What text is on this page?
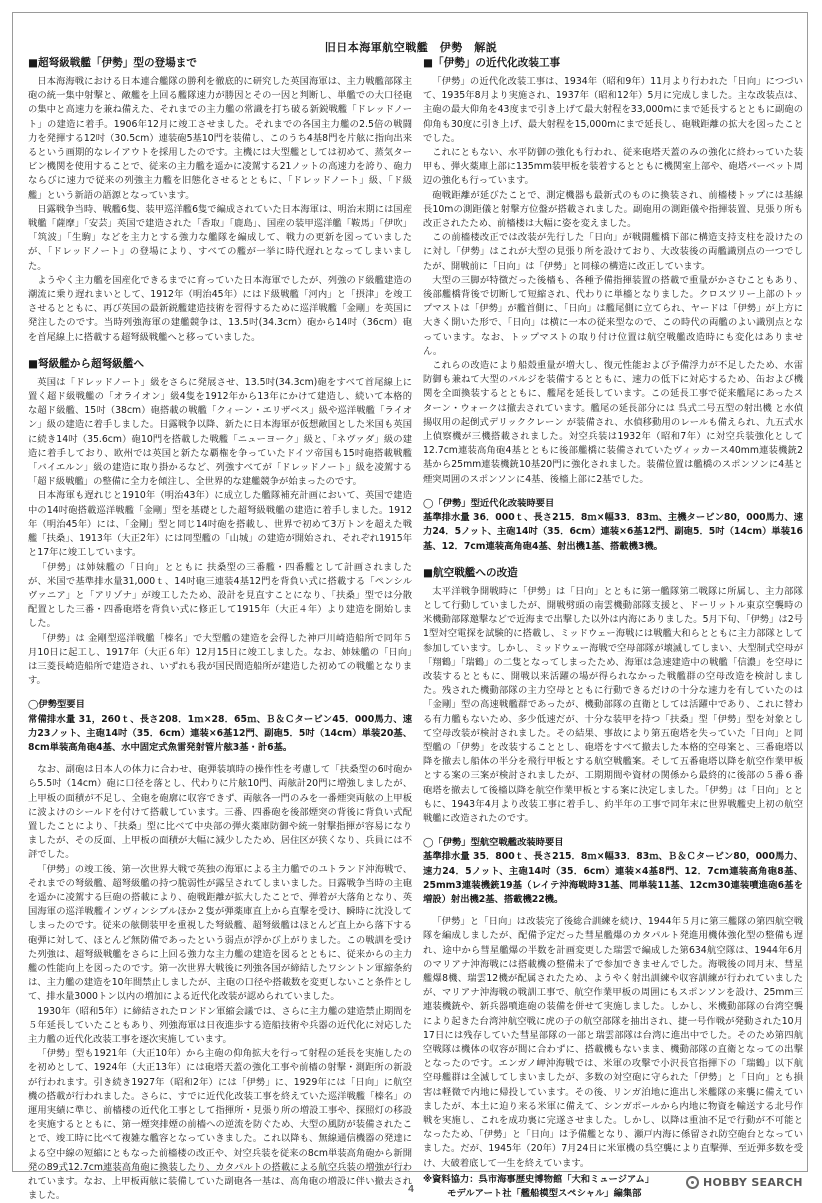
旧日本海軍航空戦艦　伊勢　解説
■超弩級戦艦「伊勢」型の登場まで

日本海海戦における日本連合艦隊の勝利を徹底的に研究した英国海軍は、主力戦艦部隊主砲の統一集中射撃と、敵艦を上回る艦隊速力が勝因とその一因と判断し、単艦での大口径砲の集中と高速力を兼ね備えた、それまでの主力艦の常識を打ち破る新鋭戦艦「ドレッドノート」の建造に着手。1906年12月に竣工させました。それまでの各国主力艦の2.5倍の戦闘力を発揮する12吋（30.5cm）連装砲5基10門を装備し、このうち4基8門を片舷に指向出来るという画期的なレイアウトを採用したのです。主機には大型艦としては初めて、蒸気タービン機関を使用することで、従来の主力艦を遥かに凌駕する21ノットの高速力を誇り、砲力ならびに速力で従来の列強主力艦を旧態化させるとともに、「ドレッドノート」級、「ド級艦」という新語の語源となっています。

日露戦争当時、戦艦6隻、装甲巡洋艦6隻で編成されていた日本海軍は、明治末期には国産戦艦「薩摩」「安芸」英国で建造された「香取」「鹿島」、国産の装甲巡洋艦「鞍馬」「伊吹」「筑波」「生駒」などを主力とする強力な艦隊を編成して、戦力の更新を図っていましたが、「ドレッドノート」の登場により、すべての艦が一挙に時代遅れとなってしまいました。

ようやく主力艦を国産化できるまでに育っていた日本海軍でしたが、列強のド級艦建造の潮流に乗り遅れまいとして、1912年（明治45年）にはド級戦艦「河内」と「摂津」を竣工させるとともに、再び英国の最新鋭艦建造技術を習得するために巡洋戦艦「金剛」を英国に発注したのです。当時列強海軍の建艦競争は、13.5吋(34.3cm）砲から14吋（36cm）砲を首尾線上に搭載する超弩級戦艦へと移っていました。

■弩級艦から超弩級艦へ

英国は「ドレッドノート」級をさらに発展させ、13.5吋(34.3cm)砲をすべて首尾線上に置く超ド級戦艦の「オライオン」級4隻を1912年から13年にかけて建造し、続いて本格的な超ド級艦、15吋（38cm）砲搭載の戦艦「クィーン・エリザベス」級や巡洋戦艦「ライオン」級の建造に着手しました。日露戦争以降、新たに日本海軍が仮想敵国とした米国も英国に続き14吋（35.6cm）砲10門を搭載した戦艦「ニューヨーク」級と、「ネヴァダ」級の建造に着手しており、欧州では英国と新たな覇権を争っていたドイツ帝国も15吋砲搭載戦艦「バイエルン」級の建造に取り掛かるなど、列強すべてが「ドレッドノート」級を凌駕する「超ド級戦艦」の整備に全力を傾注し、全世界的な建艦競争が始まったのです。

日本海軍も遅れじと1910年（明治43年）に成立した艦隊補充計画において、英国で建造中の14吋砲搭載巡洋戦艦「金剛」型を基礎とした超弩級戦艦の建造に着手しました。1912年（明治45年）には、「金剛」型と同じ14吋砲を搭載し、世界で初めて3万トンを超えた戦艦「扶桑」、1913年（大正2年）には同型艦の「山城」の建造が開始され、それぞれ1915年と17年に竣工しています。

「伊勢」は姉妹艦の「日向」とともに 扶桑型の三番艦・四番艦として計画されましたが、米国で基準排水量31,000ｔ、14吋砲三連装4基12門を背負い式に搭載する「ペンシルヴァニア」と「アリゾナ」が竣工したため、設計を見直すことになり、「扶桑」型では分散配置とした三番・四番砲塔を背負い式に修正して1915年（大正４年）より建造を開始しました。

「伊勢」は 金剛型巡洋戦艦「榛名」で大型艦の建造を会得した神戸川崎造船所で同年５月10日に起工し、1917年（大正６年）12月15日に竣工しました。なお、姉妹艦の「日向」は三菱長崎造船所で建造され、いずれも我が国民間造船所が建造した初めての戦艦となります。

◯伊勢型要目
常備排水量 31，260ｔ、長さ208．1ｍ×28．65ｍ、Ｂ＆Ｃタービン45．000馬力、速力23ノット、主砲14吋（35．6cm）連装×6基12門、副砲5．5吋（14cm）単装20基、8cm単装高角砲4基、水中固定式魚雷発射管片舷3基・計6基。

なお、副砲は日本人の体力に合わせ、砲弾装填時の操作性を考慮して「扶桑型の6吋砲から5.5吋（14cm）砲に口径を落とし、代わりに片舷10門、両舷計20門に増強しましたが、上甲板の面積が不足し、全砲を砲廓に収容できず、両舷各一門のみを一番煙突両舷の上甲板に波よけのシールドを付けて搭載しています。三番、四番砲を後部煙突の背後に背負い式配置したことにより、「扶桑」型に比べて中央部の弾火薬庫防御や統一射撃指揮が容易になりましたが、その反面、上甲板の面積が大幅に減少したため、居住区が狭くなり、兵員には不評でした。

「伊勢」の竣工後、第一次世界大戦で英独の海軍による主力艦でのユトランド沖海戦で、それまでの弩級艦、超弩級艦の持つ脆弱性が露呈されてしまいました。日露戦争当時の主砲を遥かに凌駕する巨砲の搭載により、砲戦距離が拡大したことで、弾着が大落角となり、英国海軍の巡洋戦艦インヴィンシブルほか２隻が弾薬庫直上から直撃を受け、瞬時に沈没してしまったのです。従来の舷側装甲を重視した弩級艦、超弩級艦はほとんど直上から落下する砲弾に対して、ほとんど無防備であったという弱点が浮かび上がりました。この戦訓を受けた列強は、超弩級戦艦をさらに上回る強力な主力艦の建造を図るとともに、従来からの主力艦の性能向上を図ったのです。第一次世界大戦後に列強各国が締結したワシントン軍縮条約は、主力艦の建造を10年間禁止しましたが、主砲の口径や搭載数を変更しないこと条件として、排水量3000トン以内の増加による近代化改装が認められていました。

1930年（昭和5年）に締結されたロンドン軍縮会議では、さらに主力艦の建造禁止期間を５年延長していたこともあり、列強海軍は日夜進歩する造船技術や兵器の近代化に対応した主力艦の近代化改装工事を逐次実施しています。

「伊勢」型も1921年（大正10年）から主砲の仰角拡大を行って射程の延長を実施したのを初めとして、1924年（大正13年）には砲塔天蓋の強化工事や前檣の射撃・測距所の新設が行われます。引き続き1927年（昭和2年）には「伊勢」に、1929年には「日向」に航空機の搭載が行われました。さらに、すでに近代化改装工事を終えていた巡洋戦艦「榛名」の運用実績に準じ、前檣楼の近代化工事として指揮所・見張り所の増設工事や、探照灯の移設を実施するとともに、第一煙突排煙の前檣への逆流を防ぐため、大型の風防が装備されたことで、竣工時に比べて複雑な艦容となっていきました。これ以降も、無線通信機器の発達による空中線の短縮にともなった前檣楼の改正や、対空兵装を従来の8cm単装高角砲から新開発の89式12.7cm連装高角砲に換装したり、カタパルトの搭載による航空兵装の増強が行われています。なお、上甲板両舷に装備していた副砲各一基は、高角砲の増設に伴い撤去されました。

■「伊勢」の近代化改装工事

「伊勢」の近代化改装工事は、1934年（昭和9年）11月より行われた「日向」につづいて、1935年8月より実施され、1937年（昭和12年）5月に完成しました。主な改装点は、主砲の最大仰角を43度まで引き上げて最大射程を33,000mにまで延長するとともに副砲の仰角も30度に引き上げ、最大射程を15,000mにまで延長し、砲戦距離の拡大を図ったことでした。

これにともない、水平防御の強化も行われ、従来砲塔天蓋のみの強化に終わっていた装甲も、弾火薬庫上部に135mm装甲板を装着するとともに機関室上部や、砲塔バーベット周辺の強化も行っています。

砲戦距離が延びたことで、測定機器も最新式のものに換装され、前檣楼トップには基線長10mの測距儀と射撃方位盤が搭載されました。副砲用の測距儀や指揮装置、見張り所も改正されたため、前檣楼は大幅に姿を変えました。

この前檣楼改正では改装が先行した「日向」が戦闘艦橋下部に構造支持支柱を設けたのに対し「伊勢」はこれが大型の見張り所を設けており、大改装後の両艦識別点の一つでしたが、開戦前に「日向」は「伊勢」と同様の構造に改正しています。

大型の三脚が特徴だった後檣も、各種予備指揮装置の搭載で重量がかさむこともあり、後部艦橋背後で切断して短縮され、代わりに単檣となりました。クロスツリー上部のトップマストは「伊勢」が艦首側に、「日向」は艦尾側に立てられ、ヤードは「伊勢」が上方に大きく開いた形で、「日向」は横に一本の従来型なので、この時代の両艦のよい識別点となっています。なお、トップマストの取り付け位置は航空戦艦改造時にも変化はありません。

これらの改造により船殻重量が増大し、復元性能および予備浮力が不足したため、水雷防御も兼ねて大型のバルジを装備するとともに、速力の低下に対応するため、缶および機関を全面換装するとともに、艦尾を延長しています。この延長工事で従来艦尾にあったスターン・ウォークは撤去されています。艦尾の延長部分には 呉式二号五型の射出機 と水偵揚収用の起倒式デリッククレーン が装備され、水偵移動用のレールも備えられ、九五式水上偵察機が三機搭載されました。対空兵装は1932年（昭和7年）に対空兵装強化として12.7cm連装高角砲4基とともに後部艦橋に装備されていたヴィッカース40mm連装機銃2基から25mm連装機銃10基20門に強化されました。装備位置は艦橋のスポンソンに4基と煙突周囲のスポンソンに4基、後檣上部に2基でした。

◯「伊勢」型近代化改装時要目
基準排水量 36．000ｔ、長さ215．8ｍ×幅33．83ｍ、主機タービン80，000馬力、速力24．5ノット、主砲14吋（35．6cm）連装×6基12門、副砲5．5吋（14cm）単装16基、12．7cm連装高角砲4基、射出機1基、搭載機3機。
■航空戦艦への改造

太平洋戦争開戦時に「伊勢」は「日向」とともに第一艦隊第二戦隊に所属し、主力部隊として行動していましたが、開戦劈頭の南雲機動部隊支援と、ドーリットル東京空襲時の米機動部隊邀撃などで近海まで出撃した以外は内海にありました。5月下旬、「伊勢」は2号1型対空電探を試験的に搭載し、ミッドウェー海戦には戦艦大和らとともに主力部隊として参加しています。しかし、ミッドウェー海戦で空母部隊が壊滅してしまい、大型制式空母が「翔鶴」「瑞鶴」の二隻となってしまったため、海軍は急速建造中の戦艦「信濃」を空母に改装するとともに、開戦以来活躍の場が得られなかった戦艦群の空母改造を検討しました。残された機動部隊の主力空母とともに行動できるだけの十分な速力を有していたのは「金剛」型の高速戦艦群であったが、機動部隊の直衛としては活躍中であり、これに替わる有力艦もないため、多少低速だが、十分な装甲を持つ「扶桑」型「伊勢」型を対象として空母改装が検討されました。その結果、事故により第五砲塔を失っていた「日向」と同型艦の「伊勢」を改装することとし、砲塔をすべて撤去した本格的空母案と、三番砲塔以降を撤去し船体の半分を飛行甲板とする航空戦艦案。そして五番砲塔以降を航空作業甲板とする案の三案が検討されましたが、工期期間や資材の関係から最終的に後部の５番６番砲塔を撤去して後檣以降を航空作業甲板とする案に決定しました。「伊勢」は「日向」とともに、1943年4月より改装工事に着手し、約半年の工事で同年末に世界戦艦史上初の航空戦艦に改造されたのです。

◯「伊勢」型航空戦艦改装時要目
基準排水量 35．800ｔ、長さ215．8ｍ×幅33．83ｍ、Ｂ＆Ｃタービン80，000馬力、速力24．5ノット、主砲14吋（35．6cm）連装×4基8門、12．7cm連装高角砲8基、25mm3連装機銃19基（レイテ沖海戦時31基、同単装11基、12cm30連装噴進砲6基を増設）射出機2基、搭載機22機。

「伊勢」と「日向」は改装完了後総合訓練を続け、1944年５月に第三艦隊の第四航空戦隊を編成しましたが、配備予定だった彗星艦爆のカタパルト発進用機体強化型の整備も遅れ、途中から彗星艦爆の半数を計画変更した瑞雲で編成した第634航空隊は、1944年6月のマリアナ沖海戦には搭載機の整備未了で参加できませんでした。海戦後の同月末、彗星艦爆8機、瑞雲12機が配属されたため、ようやく射出訓練や収容訓練が行われていましたが、マリアナ沖海戦の戦訓工事で、航空作業甲板の周囲にもスポンソンを設け、25mm三連装機銃や、新兵器噴進砲の装備を併せて実施しました。しかし、米機動部隊の台湾空襲により起きた台湾沖航空戦に虎の子の航空部隊を抽出され、捷一号作戦が発動された10月17日には残存していた彗星部隊の一部と瑞雲部隊は台湾に進出中でした。そのため第四航空戦隊は機体の収容が間に合わずに、搭載機もないまま、機動部隊の直衛となっての出撃となったのです。エンガノ岬沖海戦では、米軍の攻撃で小沢長官指揮下の「瑞鶴」以下航空母艦群は全滅してしまいましたが、多数の対空砲に守られた「伊勢」と「日向」とも損害は軽微で内地に帰投しています。その後、リンガ泊地に進出し米艦隊の来襲に備えていましたが、本土に迫り来る米軍に備えて、シンガポールから内地に物資を輸送する北号作戦を実施し、これを成功裏に完遂させました。しかし、以降は重油不足で行動が不可能となったため、「伊勢」と「日向」は予備艦となり、瀬戸内海に係留され防空砲台となっていました。だが、1945年（20年）7月24日に米軍機の呉空襲により直撃弾、至近弾多数を受け、大破着底して一生を終えています。

※資料協力：呉市海事歴史博物館「大和ミュージアム」
モデルアート社「艦船模型スペシャル」編集部
4
HOBBY SEARCH
